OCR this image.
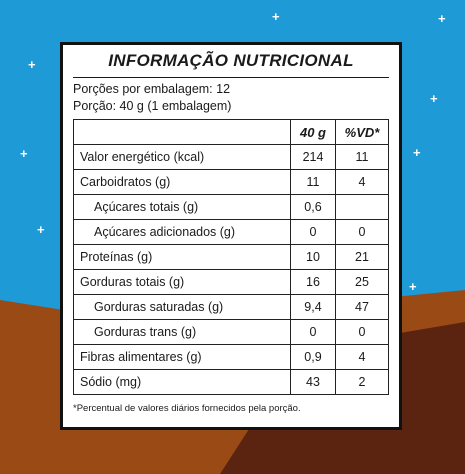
+	+
+
+
+	+
+
+
INFORMAÇÃO NUTRICIONAL
Porções por embalagem: 12
Porção: 40 g (1 embalagem)
	40 g	%VD*
Valor energético (kcal)	214	11
Carboidratos (g)	11	4
Açúcares totais (g)	0,6	
Açúcares adicionados (g)	0	0
Proteínas (g)	10	21
Gorduras totais (g)	16	25
Gorduras saturadas (g)	9,4	47
Gorduras trans (g)	0	0
Fibras alimentares (g)	0,9	4
Sódio (mg)	43	2
*Percentual de valores diários fornecidos pela porção.
